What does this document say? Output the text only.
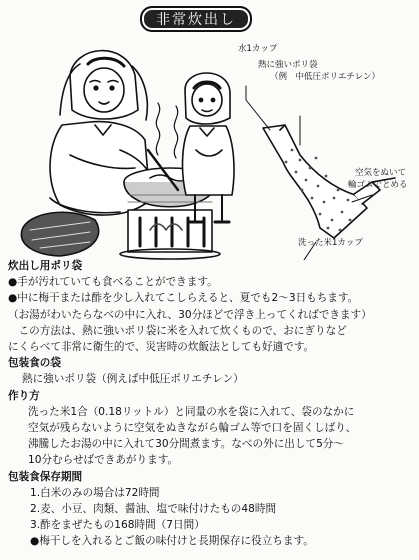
非常炊出し
水1カップ
熱に強いポリ袋
（例　中低圧ポリエチレン）
空気をぬいて
輪ゴムでとめる
洗った米1カップ
炊出し用ポリ袋
●手が汚れていても食べることができます。
●中に梅干または酢を少し入れてこしらえると、夏でも2〜3日もちます。
（お湯がわいたらなべの中に入れ、30分ほどで浮き上ってくればできます）
　この方法は、熱に強いポリ袋に米を入れて炊くもので、おにぎりなど
にくらべて非常に衛生的で、災害時の炊飯法としても好適です。
包装食の袋
熱に強いポリ袋（例えば中低圧ポリエチレン）
作り方
洗った米1合（0.18リットル）と同量の水を袋に入れて、袋のなかに
空気が残らないように空気をぬきながら輪ゴム等で口を固くしばり、
沸騰したお湯の中に入れて30分間煮ます。なべの外に出して5分〜
10分むらせばできあがります。
包装食保存期間
1.白米のみの場合は72時間
2.麦、小豆、肉類、醤油、塩で味付けたもの48時間
3.酢をまぜたもの168時間（7日間）
●梅干しを入れるとご飯の味付けと長期保存に役立ちます。
